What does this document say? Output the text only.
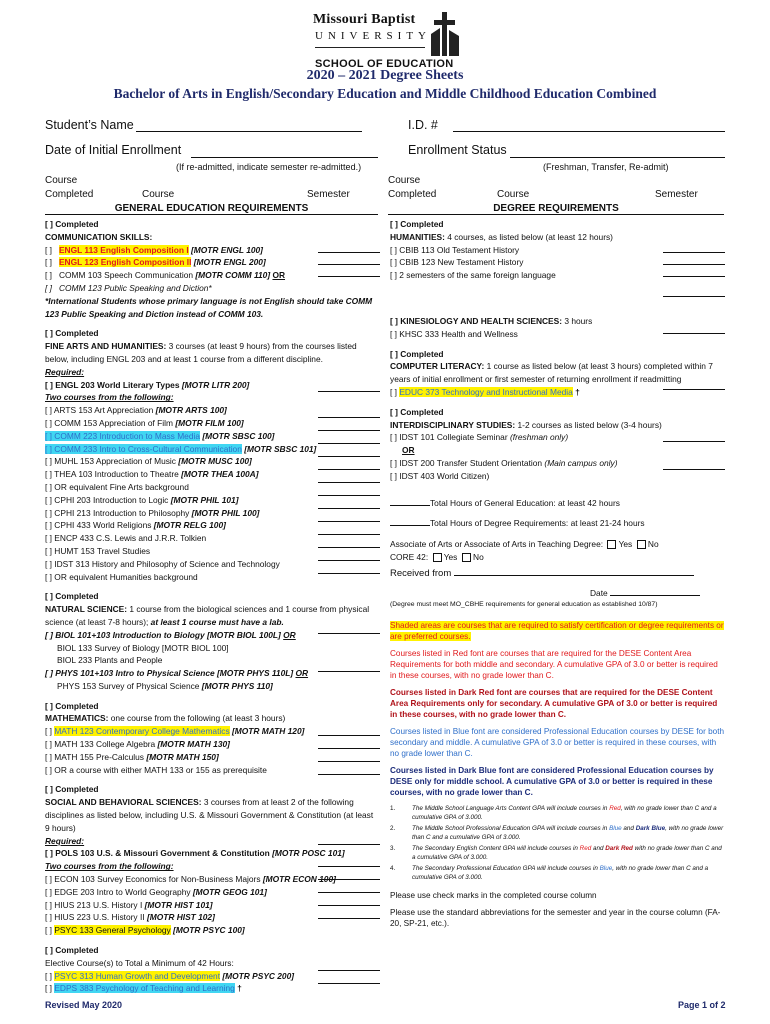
Missouri Baptist
UNIVERSITY
SCHOOL OF EDUCATION
2020 – 2021 Degree Sheets
Bachelor of Arts in English/Secondary Education and Middle Childhood Education Combined
Student’s Name	I.D. #
Date of Initial Enrollment	Enrollment Status
(If re-admitted, indicate semester re-admitted.)	(Freshman, Transfer, Re-admit)
Course
Completed	Course	Semester
GENERAL EDUCATION REQUIREMENTS
Course
Completed	Course	Semester
DEGREE REQUIREMENTS
[ ] Completed
COMMUNICATION SKILLS:
[ ] ENGL 113 English Composition I [MOTR ENGL 100]
[ ] ENGL 123 English Composition II [MOTR ENGL 200]
[ ] COMM 103 Speech Communication [MOTR COMM 110] OR
[ ] COMM 123 Public Speaking and Diction*
*International Students whose primary language is not English should take COMM 123 Public Speaking and Diction instead of COMM 103.
[ ] Completed
FINE ARTS AND HUMANITIES: 3 courses (at least 9 hours) from the courses listed below, including ENGL 203 and at least 1 course from a different discipline.
Required:
[ ] ENGL 203 World Literary Types [MOTR LITR 200]
Two courses from the following:
[ ] ARTS 153 Art Appreciation [MOTR ARTS 100]
[ ] COMM 153 Appreciation of Film [MOTR FILM 100]
[ ] COMM 223 Introduction to Mass Media [MOTR SBSC 100]
[ ] COMM 233 Intro to Cross-Cultural Communication [MOTR SBSC 101]
[ ] MUHL 153 Appreciation of Music [MOTR MUSC 100]
[ ] THEA 103 Introduction to Theatre [MOTR THEA 100A]
[ ] OR equivalent Fine Arts background
[ ] CPHI 203 Introduction to Logic [MOTR PHIL 101]
[ ] CPHI 213 Introduction to Philosophy [MOTR PHIL 100]
[ ] CPHI 433 World Religions [MOTR RELG 100]
[ ] ENCP 433 C.S. Lewis and J.R.R. Tolkien
[ ] HUMT 153 Travel Studies
[ ] IDST 313 History and Philosophy of Science and Technology
[ ] OR equivalent Humanities background
[ ] Completed
NATURAL SCIENCE: 1 course from the biological sciences and 1 course from physical science (at least 7-8 hours); at least 1 course must have a lab.
[ ] BIOL 101+103 Introduction to Biology [MOTR BIOL 100L] OR
BIOL 133 Survey of Biology [MOTR BIOL 100]
BIOL 233 Plants and People
[ ] PHYS 101+103 Intro to Physical Science [MOTR PHYS 110L] OR
PHYS 153 Survey of Physical Science [MOTR PHYS 110]
[ ] Completed
MATHEMATICS: one course from the following (at least 3 hours)
[ ] MATH 123 Contemporary College Mathematics [MOTR MATH 120]
[ ] MATH 133 College Algebra [MOTR MATH 130]
[ ] MATH 155 Pre-Calculus [MOTR MATH 150]
[ ] OR a course with either MATH 133 or 155 as prerequisite
[ ] Completed
SOCIAL AND BEHAVIORAL SCIENCES: 3 courses from at least 2 of the following disciplines as listed below, including U.S. & Missouri Government & Constitution (at least 9 hours)
Required:
[ ] POLS 103 U.S. & Missouri Government & Constitution [MOTR POSC 101]
Two courses from the following:
[ ] ECON 103 Survey Economics for Non-Business Majors [MOTR ECON 100]
[ ] EDGE 203 Intro to World Geography [MOTR GEOG 101]
[ ] HIUS 213 U.S. History I [MOTR HIST 101]
[ ] HIUS 223 U.S. History II [MOTR HIST 102]
[ ] PSYC 133 General Psychology [MOTR PSYC 100]
[ ] Completed
Elective Course(s) to Total a Minimum of 42 Hours:
[ ] PSYC 313 Human Growth and Development [MOTR PSYC 200]
[ ] EDPS 383 Psychology of Teaching and Learning †
[ ] Completed
HUMANITIES: 4 courses, as listed below (at least 12 hours)
[ ] CBIB 113 Old Testament History
[ ] CBIB 123 New Testament History
[ ] 2 semesters of the same foreign language
[ ] KINESIOLOGY AND HEALTH SCIENCES: 3 hours
[ ] KHSC 333 Health and Wellness
[ ] Completed
COMPUTER LITERACY: 1 course as listed below (at least 3 hours) completed within 7 years of initial enrollment or first semester of returning enrollment if readmitting
[ ] EDUC 373 Technology and Instructional Media †
[ ] Completed
INTERDISCIPLINARY STUDIES: 1-2 courses as listed below (3-4 hours)
[ ] IDST 101 Collegiate Seminar (freshman only)
OR
[ ] IDST 200 Transfer Student Orientation (Main campus only)
[ ] IDST 403 World Citizen)
Total Hours of General Education: at least 42 hours
Total Hours of Degree Requirements: at least 21-24 hours
Associate of Arts or Associate of Arts in Teaching Degree: Yes No
CORE 42: Yes No
Received from
Date
(Degree must meet MO_CBHE requirements for general education as established 10/87)
Shaded areas are courses that are required to satisfy certification or degree requirements or are preferred courses.
Courses listed in Red font are courses that are required for the DESE Content Area Requirements for both middle and secondary. A cumulative GPA of 3.0 or better is required in these courses, with no grade lower than C.
Courses listed in Dark Red font are courses that are required for the DESE Content Area Requirements only for secondary. A cumulative GPA of 3.0 or better is required in these courses, with no grade lower than C.
Courses listed in Blue font are considered Professional Education courses by DESE for both secondary and middle. A cumulative GPA of 3.0 or better is required in these courses, with no grade lower than C.
Courses listed in Dark Blue font are considered Professional Education courses by DESE only for middle school. A cumulative GPA of 3.0 or better is required in these courses, with no grade lower than C.
1.	The Middle School Language Arts Content GPA will include courses in Red, with no grade lower than C and a cumulative GPA of 3.000.
2.	The Middle School Professional Education GPA will include courses in Blue and Dark Blue, with no grade lower than C and a cumulative GPA of 3.000.
3.	The Secondary English Content GPA will include courses in Red and Dark Red with no grade lower than C and a cumulative GPA of 3.000.
4.	The Secondary Professional Education GPA will include courses in Blue, with no grade lower than C and a cumulative GPA of 3.000.
Please use check marks in the completed course column
Please use the standard abbreviations for the semester and year in the course column (FA-20, SP-21, etc.).
Revised May 2020	Page 1 of 2
